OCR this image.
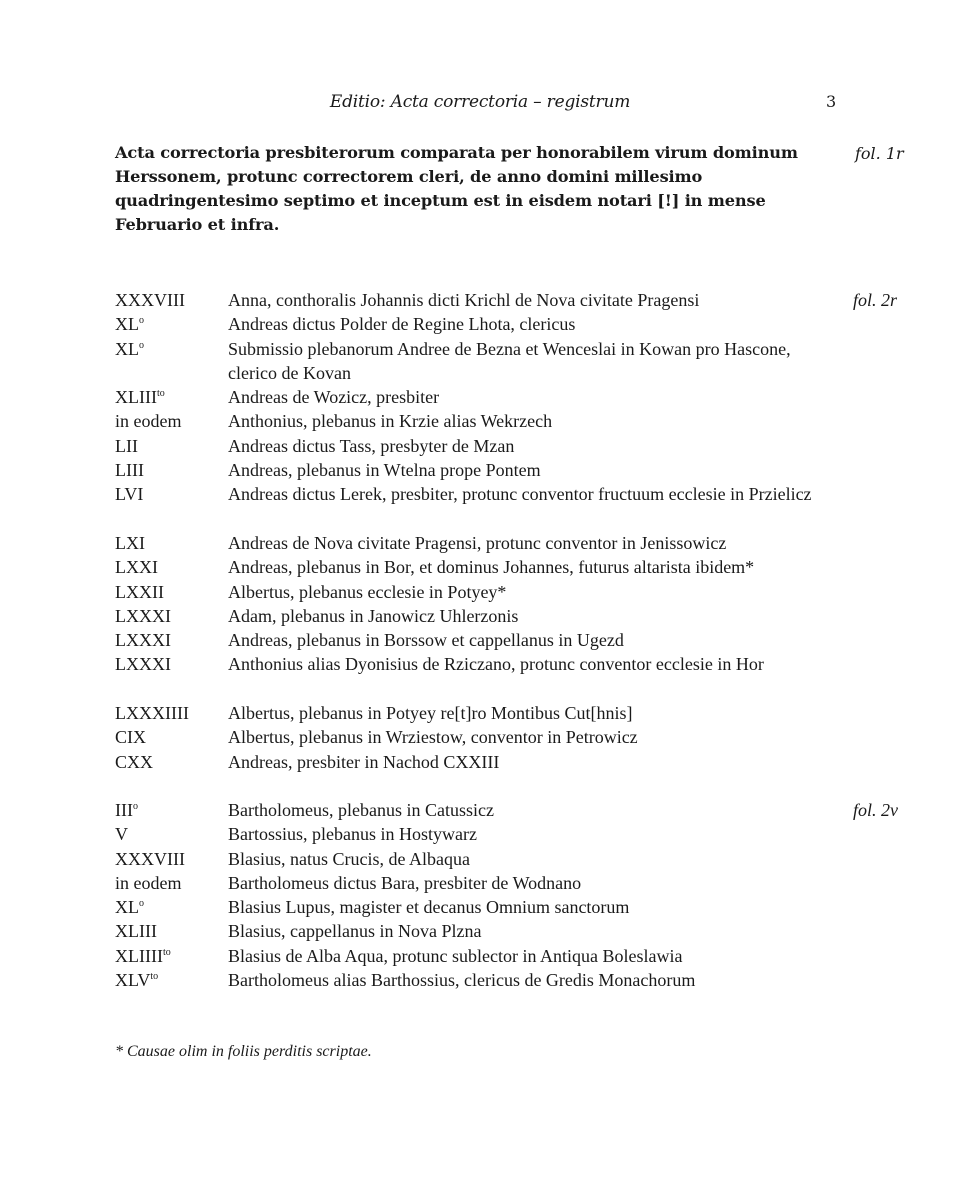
Editio: Acta correctoria – registrum	3
Acta correctoria presbiterorum comparata per honorabilem virum dominum Herssonem, protunc correctorem cleri, de anno domini millesimo quadringentesimo septimo et inceptum est in eisdem notari [!] in mense Februario et infra.
fol. 1r
XXXVIII Anna, conthoralis Johannis dicti Krichl de Nova civitate Pragensi	fol. 2r
$XL^o$	Andreas dictus Polder de Regine Lhota, clericus
$XL^o$	Submissio plebanorum Andree de Bezna et Wenceslai in Kowan pro Hascone, clerico de Kovan
$XLIII^{to}$	Andreas de Wozicz, presbiter
in eodem	Anthonius, plebanus in Krzie alias Wekrzech
LII	Andreas dictus Tass, presbyter de Mzan
LIII	Andreas, plebanus in Wtelna prope Pontem
LVI	Andreas dictus Lerek, presbiter, protunc conventor fructuum ecclesie in Przielicz
LXI	Andreas de Nova civitate Pragensi, protunc conventor in Jenissowicz
LXXI	Andreas, plebanus in Bor, et dominus Johannes, futurus altarista ibidem*
LXXII	Albertus, plebanus ecclesie in Potyey*
LXXXI	Adam, plebanus in Janowicz Uhlerzonis
LXXXI	Andreas, plebanus in Borssow et cappellanus in Ugezd
LXXXI	Anthonius alias Dyonisius de Rziczano, protunc conventor ecclesie in Hor
LXXXIIII Albertus, plebanus in Potyey re[t]ro Montibus Cut[hnis]
CIX	Albertus, plebanus in Wrziestow, conventor in Petrowicz
CXX	Andreas, presbiter in Nachod CXXIII
III$^o$	Bartholomeus, plebanus in Catussicz	fol. 2v
V	Bartossius, plebanus in Hostywarz
XXXVIII Blasius, natus Crucis, de Albaqua
in eodem	Bartholomeus dictus Bara, presbiter de Wodnano
$XL^o$	Blasius Lupus, magister et decanus Omnium sanctorum
XLIII	Blasius, cappellanus in Nova Plzna
$XLIIII^{to}$	Blasius de Alba Aqua, protunc sublector in Antiqua Boleslawia
$XLV^{to}$	Bartholomeus alias Barthossius, clericus de Gredis Monachorum
* Causae olim in foliis perditis scriptae.
